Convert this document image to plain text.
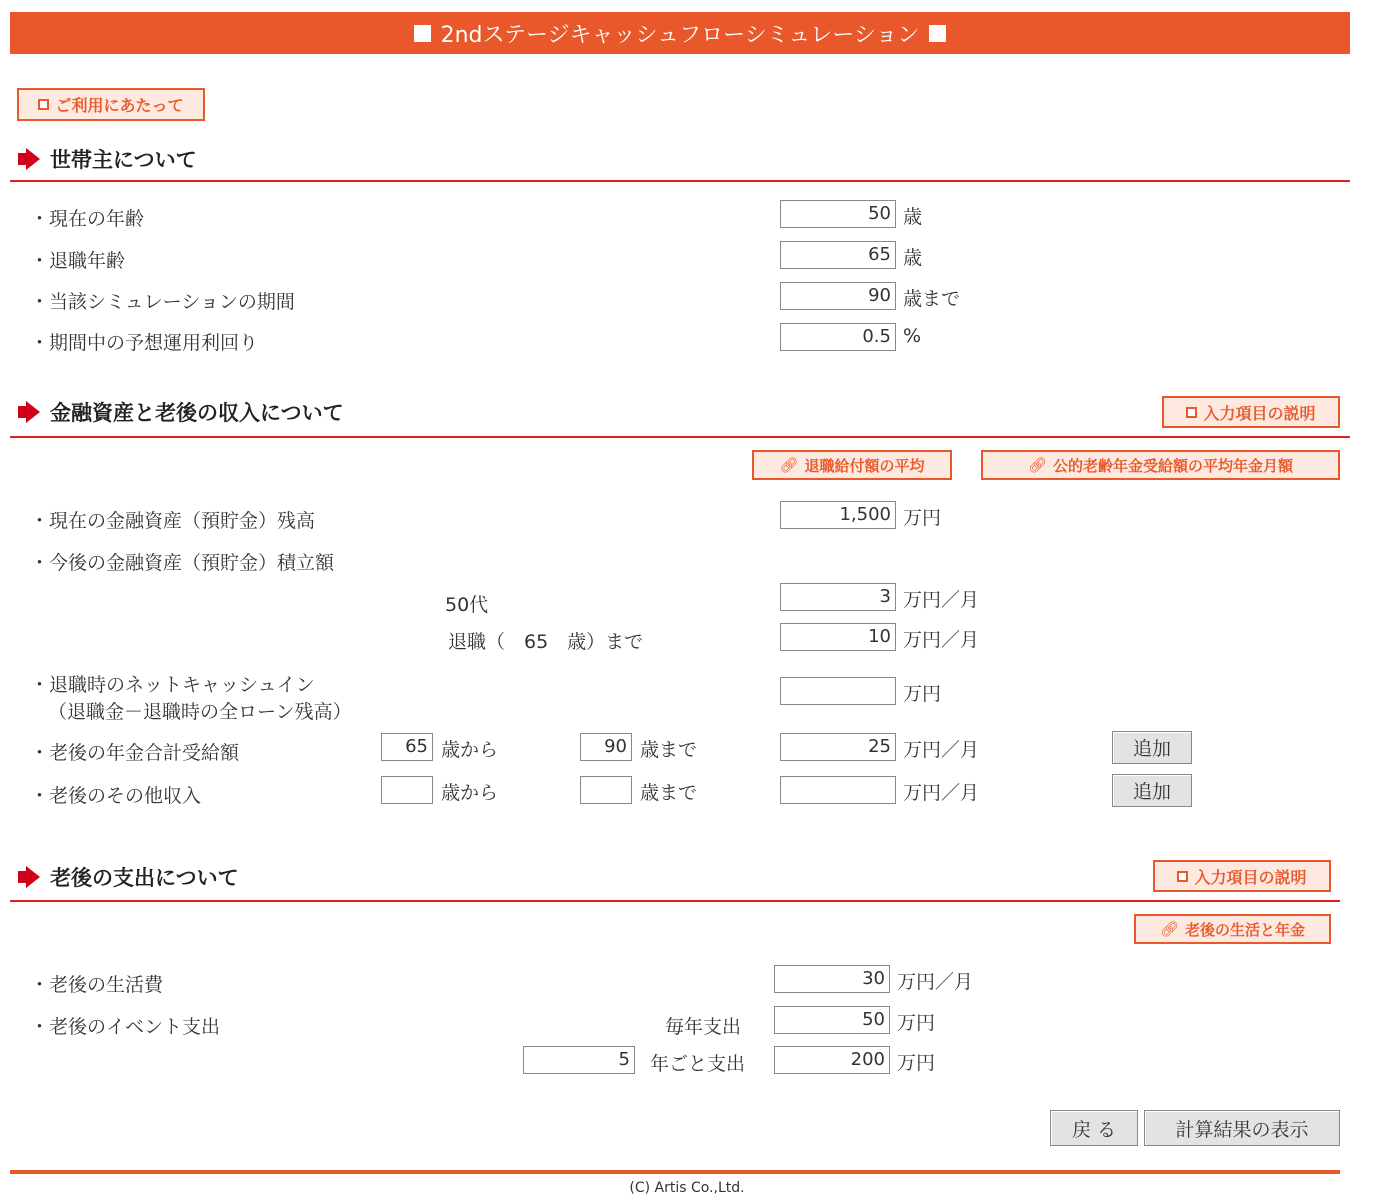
2ndステージキャッシュフローシミュレーション
ご利用にあたって
世帯主について
・現在の年齢	50 歳
・退職年齢	65 歳
・当該シミュレーションの期間	90 歳まで
・期間中の予想運用利回り	0.5 %
金融資産と老後の収入について	入力項目の説明
🔗︎ 退職給付額の平均	🔗︎ 公的老齢年金受給額の平均年金月額
・現在の金融資産（預貯金）残高	1,500 万円
・今後の金融資産（預貯金）積立額
50代	3 万円／月
退職（　65　歳）まで	10 万円／月
・退職時のネットキャッシュイン
（退職金－退職時の全ローン残高）
万円
・老後の年金合計受給額	65 歳から	90 歳まで	25 万円／月	追加
・老後のその他収入	歳から	歳まで	万円／月	追加
老後の支出について	入力項目の説明
🔗︎ 老後の生活と年金
・老後の生活費	30 万円／月
・老後のイベント支出	毎年支出	50 万円
5 年ごと支出	200 万円
戻 る	計算結果の表示
(C) Artis Co.,Ltd.
